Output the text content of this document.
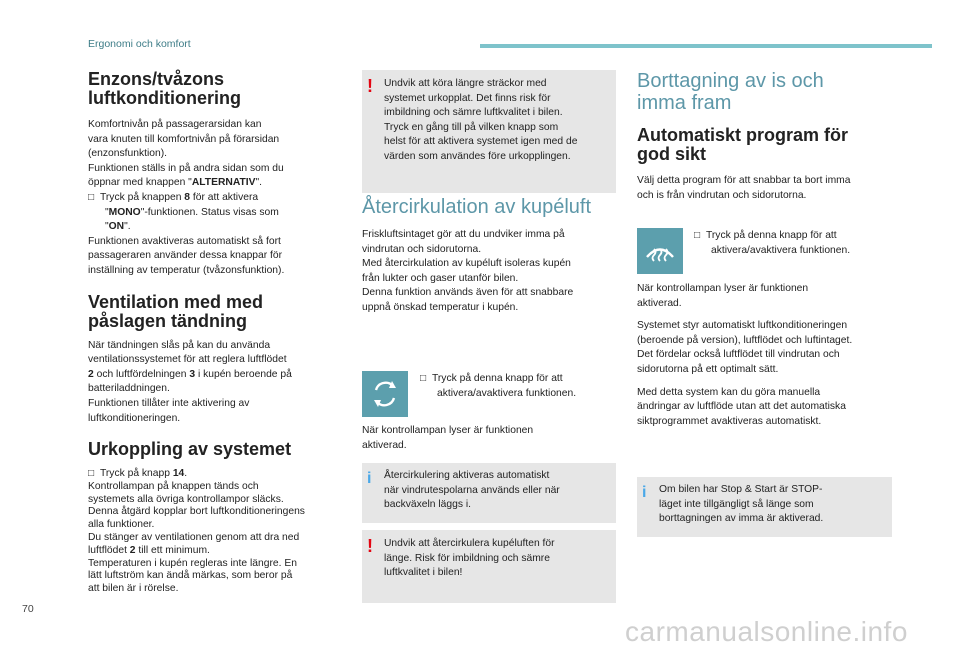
Ergonomi och komfort
Enzons/tvåzons
luftkonditionering

Komfortnivån på passagerarsidan kan
vara knuten till komfortnivån på förarsidan
(enzonsfunktion).
Funktionen ställs in på andra sidan som du
öppnar med knappen "ALTERNATIV".
□  Tryck på knappen 8 för att aktivera
"MONO"-funktionen. Status visas som
"ON".
Funktionen avaktiveras automatiskt så fort
passageraren använder dessa knappar för
inställning av temperatur (tvåzonsfunktion).

Ventilation med med
påslagen tändning

När tändningen slås på kan du använda
ventilationssystemet för att reglera luftflödet
2 och luftfördelningen 3 i kupén beroende på
batteriladdningen.
Funktionen tillåter inte aktivering av
luftkonditioneringen.

Urkoppling av systemet

□  Tryck på knapp 14.
Kontrollampan på knappen tänds och
systemets alla övriga kontrollampor släcks.
Denna åtgärd kopplar bort luftkonditioneringens
alla funktioner.
Du stänger av ventilationen genom att dra ned
luftflödet 2 till ett minimum.
Temperaturen i kupén regleras inte längre. En
lätt luftström kan ändå märkas, som beror på
att bilen är i rörelse.

! Undvik att köra längre sträckor med
systemet urkopplat. Det finns risk för
imbildning och sämre luftkvalitet i bilen.
Tryck en gång till på vilken knapp som
helst för att aktivera systemet igen med de
värden som användes före urkopplingen.
Återcirkulation av kupéluft
Friskluftsintaget gör att du undviker imma på
vindrutan och sidorutorna.
Med återcirkulation av kupéluft isoleras kupén
från lukter och gaser utanför bilen.
Denna funktion används även för att snabbare
uppnå önskad temperatur i kupén.
□  Tryck på denna knapp för att
aktivera/avaktivera funktionen.
När kontrollampan lyser är funktionen
aktiverad.
i Återcirkulering aktiveras automatiskt
när vindrutespolarna används eller när
backväxeln läggs i.
! Undvik att återcirkulera kupéluften för
länge. Risk för imbildning och sämre
luftkvalitet i bilen!
Borttagning av is och
imma fram
Automatiskt program för
god sikt

Välj detta program för att snabbar ta bort imma
och is från vindrutan och sidorutorna.

□  Tryck på denna knapp för att
aktivera/avaktivera funktionen.

När kontrollampan lyser är funktionen
aktiverad.

Systemet styr automatiskt luftkonditioneringen
(beroende på version), luftflödet och luftintaget.
Det fördelar också luftflödet till vindrutan och
sidorutorna på ett optimalt sätt.

Med detta system kan du göra manuella
ändringar av luftflöde utan att det automatiska
siktprogrammet avaktiveras automatiskt.

i Om bilen har Stop & Start är STOP-
läget inte tillgängligt så länge som
borttagningen av imma är aktiverad.
70
carmanualsonline.info
